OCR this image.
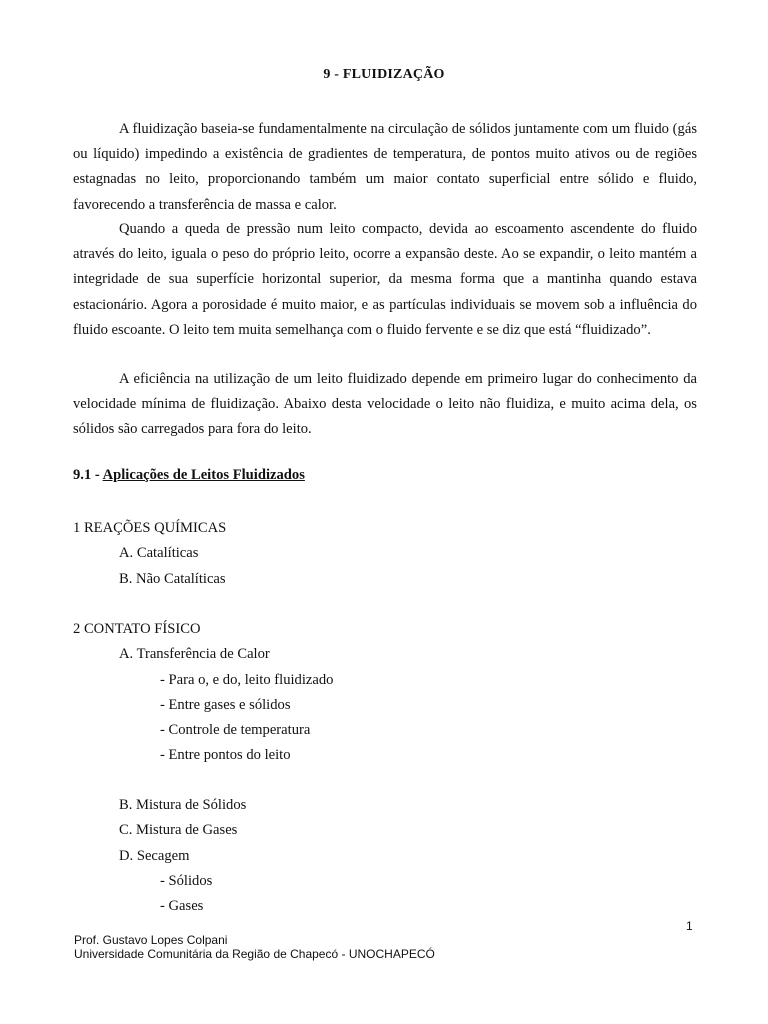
9 - FLUIDIZAÇÃO

A fluidização baseia-se fundamentalmente na circulação de sólidos juntamente com um fluido (gás ou líquido) impedindo a existência de gradientes de temperatura, de pontos muito ativos ou de regiões estagnadas no leito, proporcionando também um maior contato superficial entre sólido e fluido, favorecendo a transferência de massa e calor.

Quando a queda de pressão num leito compacto, devida ao escoamento ascendente do fluido através do leito, iguala o peso do próprio leito, ocorre a expansão deste. Ao se expandir, o leito mantém a integridade de sua superfície horizontal superior, da mesma forma que a mantinha quando estava estacionário. Agora a porosidade é muito maior, e as partículas individuais se movem sob a influência do fluido escoante. O leito tem muita semelhança com o fluido fervente e se diz que está “fluidizado”.

A eficiência na utilização de um leito fluidizado depende em primeiro lugar do conhecimento da velocidade mínima de fluidização. Abaixo desta velocidade o leito não fluidiza, e muito acima dela, os sólidos são carregados para fora do leito.

9.1 - Aplicações de Leitos Fluidizados
1 REAÇÕES QUÍMICAS
A. Catalíticas
B. Não Catalíticas
2 CONTATO FÍSICO
A. Transferência de Calor
- Para o, e do, leito fluidizado
- Entre gases e sólidos
- Controle de temperatura
- Entre pontos do leito
B. Mistura de Sólidos
C. Mistura de Gases
D. Secagem
- Sólidos
- Gases
1
Prof. Gustavo Lopes Colpani
Universidade Comunitária da Região de Chapecó - UNOCHAPECÓ
